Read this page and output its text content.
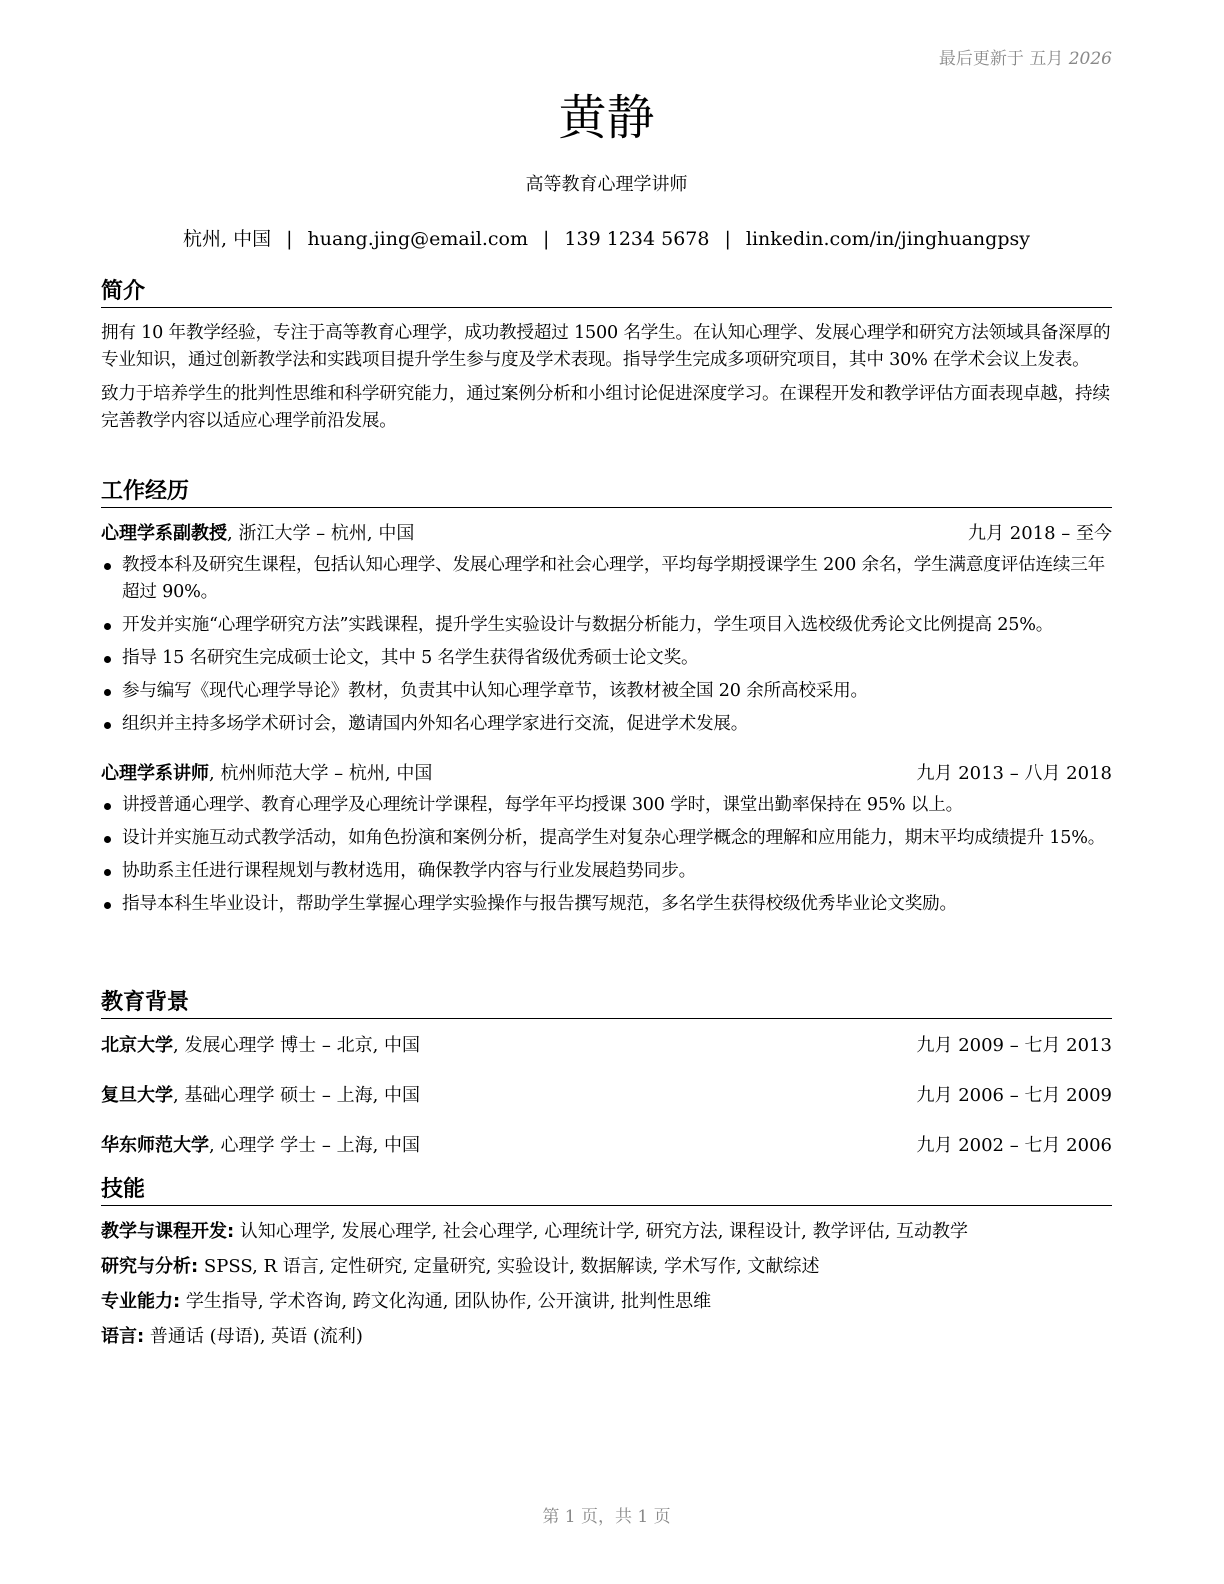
最后更新于 五月 2026
黄静
高等教育心理学讲师
杭州, 中国 | huang.jing@email.com | 139 1234 5678 | linkedin.com/in/jinghuangpsy
简介

拥有 10 年教学经验，专注于高等教育心理学，成功教授超过 1500 名学生。在认知心理学、发展心理学和研究方法领域具备深厚的专业知识，通过创新教学法和实践项目提升学生参与度及学术表现。指导学生完成多项研究项目，其中 30% 在学术会议上发表。

致力于培养学生的批判性思维和科学研究能力，通过案例分析和小组讨论促进深度学习。在课程开发和教学评估方面表现卓越，持续完善教学内容以适应心理学前沿发展。

工作经历
心理学系副教授, 浙江大学 – 杭州, 中国	九月 2018 – 至今
教授本科及研究生课程，包括认知心理学、发展心理学和社会心理学，平均每学期授课学生 200 余名，学生满意度评估连续三年超过 90%。
开发并实施“心理学研究方法”实践课程，提升学生实验设计与数据分析能力，学生项目入选校级优秀论文比例提高 25%。
指导 15 名研究生完成硕士论文，其中 5 名学生获得省级优秀硕士论文奖。
参与编写《现代心理学导论》教材，负责其中认知心理学章节，该教材被全国 20 余所高校采用。
组织并主持多场学术研讨会，邀请国内外知名心理学家进行交流，促进学术发展。
心理学系讲师, 杭州师范大学 – 杭州, 中国	九月 2013 – 八月 2018
讲授普通心理学、教育心理学及心理统计学课程，每学年平均授课 300 学时，课堂出勤率保持在 95% 以上。
设计并实施互动式教学活动，如角色扮演和案例分析，提高学生对复杂心理学概念的理解和应用能力，期末平均成绩提升 15%。
协助系主任进行课程规划与教材选用，确保教学内容与行业发展趋势同步。
指导本科生毕业设计，帮助学生掌握心理学实验操作与报告撰写规范，多名学生获得校级优秀毕业论文奖励。
教育背景
北京大学, 发展心理学 博士 – 北京, 中国	九月 2009 – 七月 2013
复旦大学, 基础心理学 硕士 – 上海, 中国	九月 2006 – 七月 2009
华东师范大学, 心理学 学士 – 上海, 中国	九月 2002 – 七月 2006
技能
教学与课程开发: 认知心理学, 发展心理学, 社会心理学, 心理统计学, 研究方法, 课程设计, 教学评估, 互动教学
研究与分析: SPSS, R 语言, 定性研究, 定量研究, 实验设计, 数据解读, 学术写作, 文献综述
专业能力: 学生指导, 学术咨询, 跨文化沟通, 团队协作, 公开演讲, 批判性思维
语言: 普通话 (母语), 英语 (流利)
第 1 页，共 1 页
